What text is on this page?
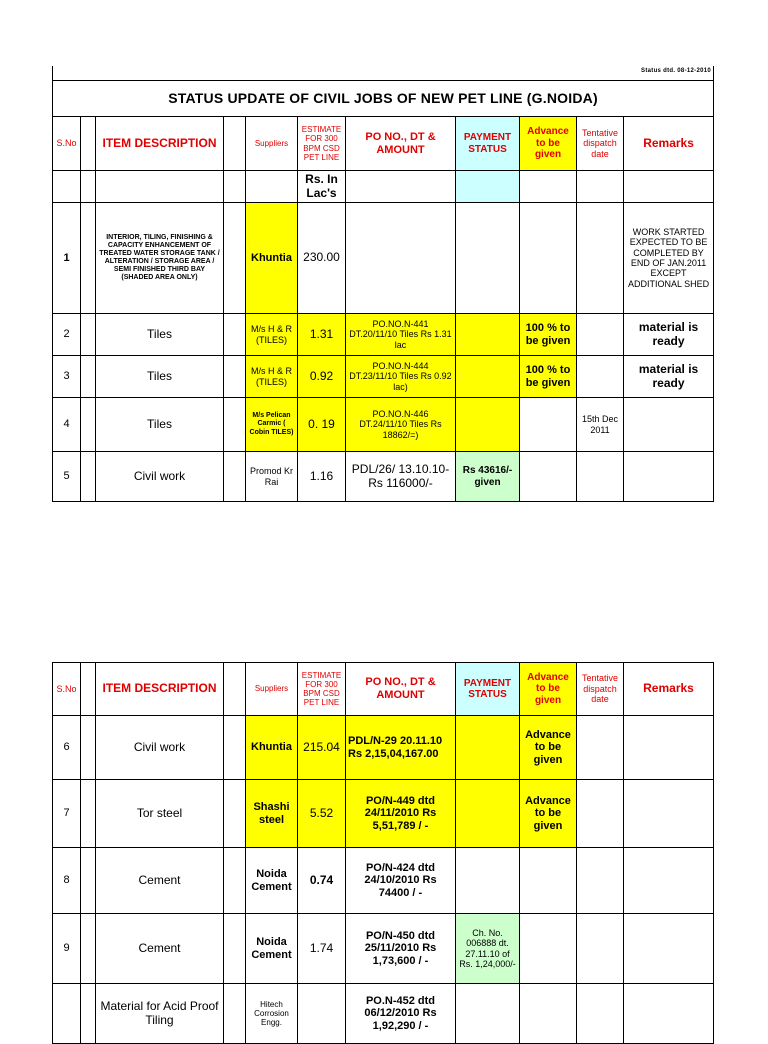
Status dtd. 08-12-2010
STATUS UPDATE OF CIVIL JOBS OF NEW PET LINE (G.NOIDA)										
S.No		ITEM DESCRIPTION		Suppliers	ESTIMATE FOR 300 BPM CSD PET LINE	PO NO., DT & AMOUNT	PAYMENT STATUS	Advance to be given	Tentative dispatch date	Remarks
					Rs. In Lac's					
1		INTERIOR, TILING, FINISHING & CAPACITY ENHANCEMENT OF TREATED WATER STORAGE TANK / ALTERATION / STORAGE AREA / SEMI FINISHED THIRD BAY (SHADED AREA ONLY)		Khuntia	230.00					WORK STARTED EXPECTED TO BE COMPLETED BY END OF JAN.2011 EXCEPT ADDITIONAL SHED
2		Tiles		M/s H & R (TILES)	1.31	PO.NO.N-441 DT.20/11/10 Tiles Rs 1.31 lac		100 % to be given		material is ready
3		Tiles		M/s H & R (TILES)	0.92	PO.NO.N-444 DT.23/11/10 Tiles Rs 0.92 lac)		100 % to be given		material is ready
4		Tiles		M/s Pelican Carmic ( Cobin TILES)	0. 19	PO.NO.N-446 DT.24/11/10 Tiles Rs 18862/=)			15th Dec 2011	
5		Civil work		Promod Kr Rai	1.16	PDL/26/ 13.10.10- Rs 116000/-	Rs 43616/- given			
S.No		ITEM DESCRIPTION		Suppliers	ESTIMATE FOR 300 BPM CSD PET LINE	PO NO., DT & AMOUNT	PAYMENT STATUS	Advance to be given	Tentative dispatch date	Remarks
6		Civil work		Khuntia	215.04	PDL/N-29 20.11.10 Rs 2,15,04,167.00		Advance to be given		
7		Tor steel		Shashi steel	5.52	PO/N-449 dtd 24/11/2010 Rs 5,51,789 / -		Advance to be given		
8		Cement		Noida Cement	0.74	PO/N-424 dtd 24/10/2010 Rs 74400 / -				
9		Cement		Noida Cement	1.74	PO/N-450 dtd 25/11/2010 Rs 1,73,600 / -	Ch. No. 006888 dt. 27.11.10 of Rs. 1,24,000/-			
		Material for Acid Proof Tiling		Hitech Corrosion Engg.		PO.N-452 dtd 06/12/2010 Rs 1,92,290 / -				
